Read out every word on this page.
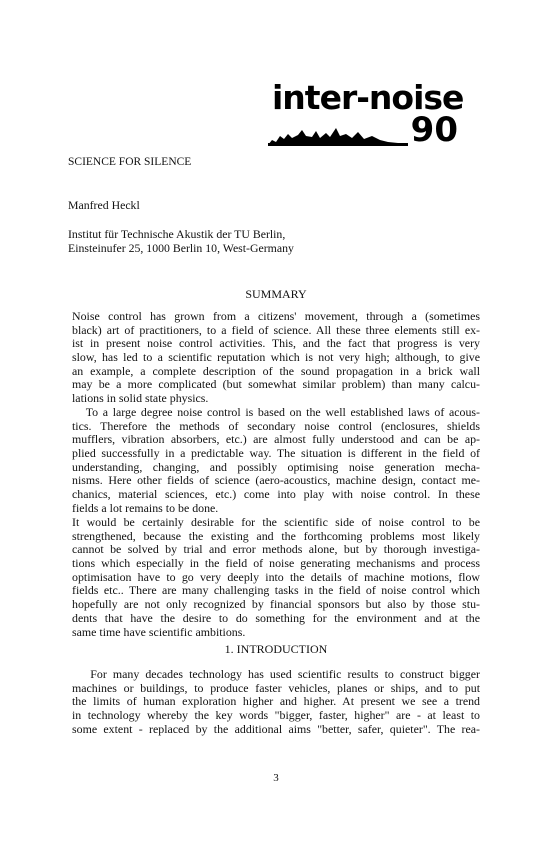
inter-noise
90
SCIENCE FOR SILENCE
Manfred Heckl
Institut für Technische Akustik der TU Berlin,
Einsteinufer 25, 1000 Berlin 10, West-Germany
SUMMARY
Noise control has grown from a citizens' movement, through a (sometimes
black) art of practitioners, to a field of science. All these three elements still ex-
ist in present noise control activities. This, and the fact that progress is very
slow, has led to a scientific reputation which is not very high; although, to give
an example, a complete description of the sound propagation in a brick wall
may be a more complicated (but somewhat similar problem) than many calcu-
lations in solid state physics.
To a large degree noise control is based on the well established laws of acous-
tics. Therefore the methods of secondary noise control (enclosures, shields
mufflers, vibration absorbers, etc.) are almost fully understood and can be ap-
plied successfully in a predictable way. The situation is different in the field of
understanding, changing, and possibly optimising noise generation mecha-
nisms. Here other fields of science (aero-acoustics, machine design, contact me-
chanics, material sciences, etc.) come into play with noise control. In these
fields a lot remains to be done.
It would be certainly desirable for the scientific side of noise control to be
strengthened, because the existing and the forthcoming problems most likely
cannot be solved by trial and error methods alone, but by thorough investiga-
tions which especially in the field of noise generating mechanisms and process
optimisation have to go very deeply into the details of machine motions, flow
fields etc.. There are many challenging tasks in the field of noise control which
hopefully are not only recognized by financial sponsors but also by those stu-
dents that have the desire to do something for the environment and at the
same time have scientific ambitions.
1. INTRODUCTION
For many decades technology has used scientific results to construct bigger
machines or buildings, to produce faster vehicles, planes or ships, and to put
the limits of human exploration higher and higher. At present we see a trend
in technology whereby the key words "bigger, faster, higher" are - at least to
some extent - replaced by the additional aims "better, safer, quieter". The rea-
3
